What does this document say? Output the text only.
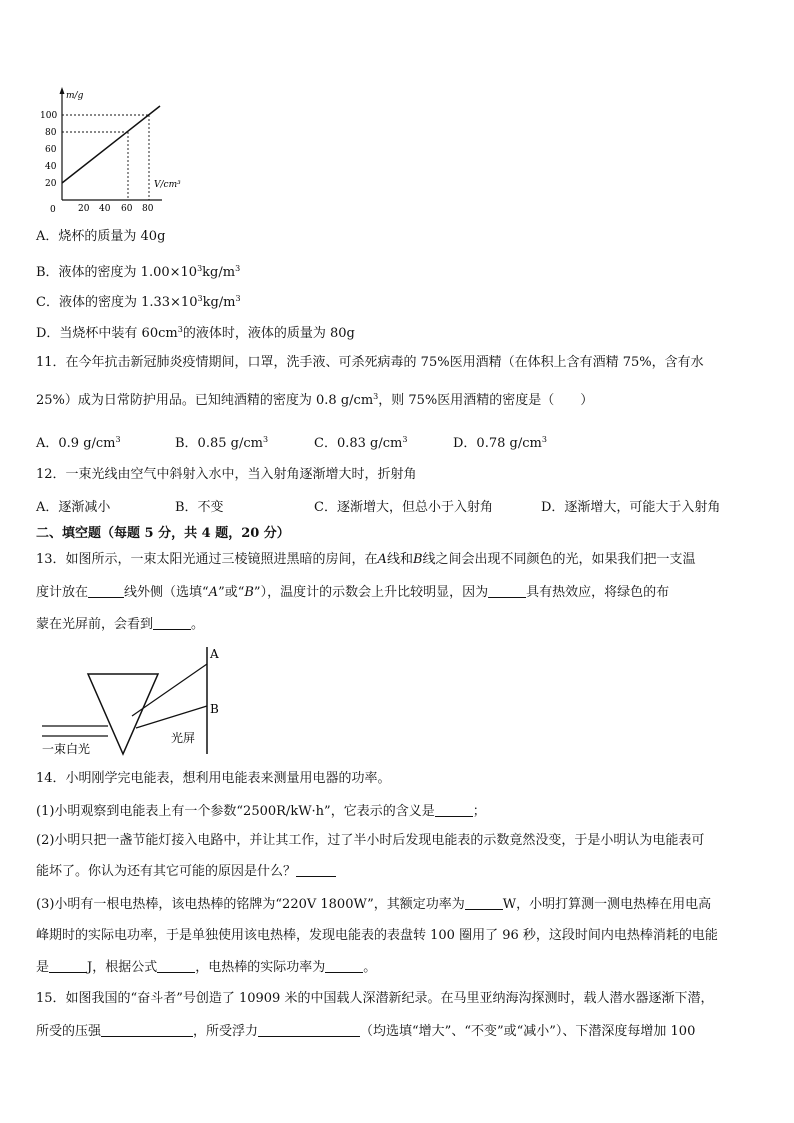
m/g
V/cm³
0
100
80
60
40
20
20 40 60 80
A．烧杯的质量为 40g
B．液体的密度为 $1.00\times 10^3kg/m^3$
C．液体的密度为 $1.33\times 10^3kg/m^3$
D．当烧杯中装有 $60cm^3$的液体时，液体的质量为 80g
11．在今年抗击新冠肺炎疫情期间，口罩，洗手液、可杀死病毒的 75%医用酒精（在体积上含有酒精 75%，含有水
25%）成为日常防护用品。已知纯酒精的密度为 0.8 $g/cm^3$，则 75%医用酒精的密度是（　　）
A．0.9 $g/cm^3$	B．0.85 $g/cm^3$	C．0.83 $g/cm^3$	D．0.78 $g/cm^3$
12．一束光线由空气中斜射入水中，当入射角逐渐增大时，折射角
A．逐渐减小	B．不变	C．逐渐增大，但总小于入射角	D．逐渐增大，可能大于入射角
二、填空题（每题 5 分，共 4 题，20 分）
13．如图所示，一束太阳光通过三棱镜照进黑暗的房间，在A线和B线之间会出现不同颜色的光，如果我们把一支温
度计放在	线外侧（选填“A”或“B”），温度计的示数会上升比较明显，因为	具有热效应，将绿色的布
蒙在光屏前，会看到	。
A
B
光屏
一束白光
14．小明刚学完电能表，想利用电能表来测量用电器的功率。
(1)小明观察到电能表上有一个参数“2500R/kW·h”，它表示的含义是	；
(2)小明只把一盏节能灯接入电路中，并让其工作，过了半小时后发现电能表的示数竟然没变，于是小明认为电能表可
能坏了。你认为还有其它可能的原因是什么？
(3)小明有一根电热棒，该电热棒的铭牌为“220V 1800W”，其额定功率为	W，小明打算测一测电热棒在用电高
峰期时的实际电功率，于是单独使用该电热棒，发现电能表的表盘转 100 圈用了 96 秒，这段时间内电热棒消耗的电能
是	J，根据公式	，电热棒的实际功率为	。
15．如图我国的“奋斗者”号创造了 10909 米的中国载人深潜新纪录。在马里亚纳海沟探测时，载人潜水器逐渐下潜，
所受的压强	，所受浮力	（均选填“增大”、“不变”或“减小”）、下潜深度每增加 100
